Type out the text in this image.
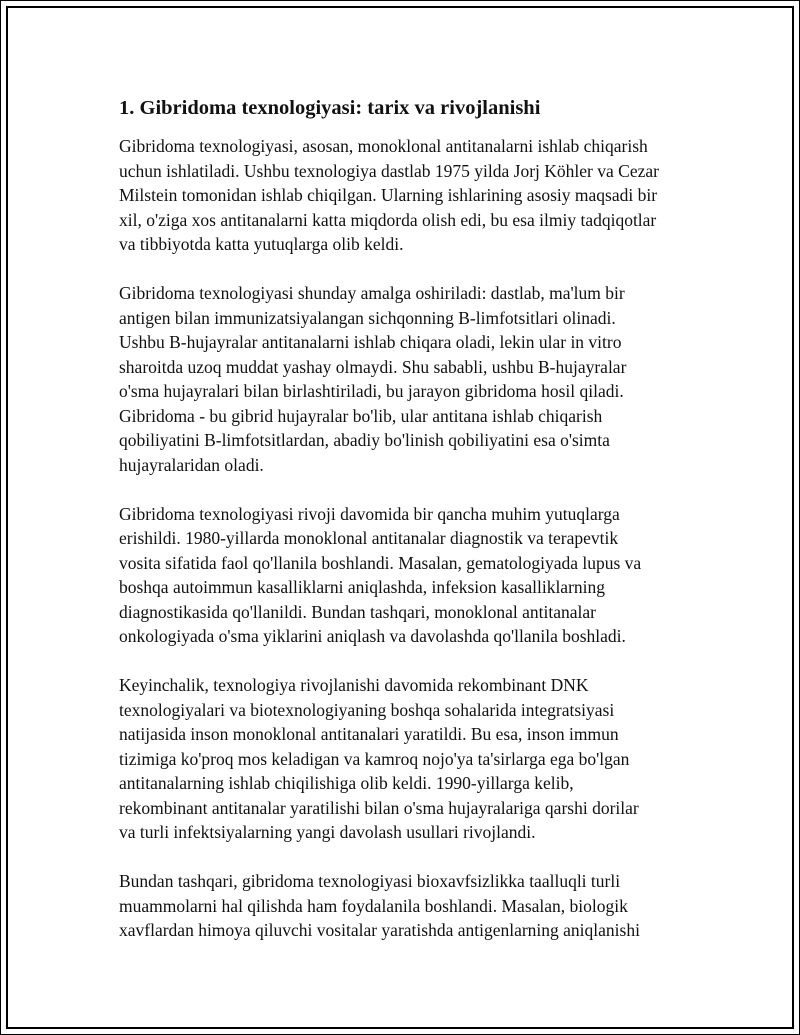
1. Gibridoma texnologiyasi: tarix va rivojlanishi
Gibridoma texnologiyasi, asosan, monoklonal antitanalarni ishlab chiqarish
uchun ishlatiladi. Ushbu texnologiya dastlab 1975 yilda Jorj Köhler va Cezar
Milstein tomonidan ishlab chiqilgan. Ularning ishlarining asosiy maqsadi bir
xil, o'ziga xos antitanalarni katta miqdorda olish edi, bu esa ilmiy tadqiqotlar
va tibbiyotda katta yutuqlarga olib keldi.
Gibridoma texnologiyasi shunday amalga oshiriladi: dastlab, ma'lum bir
antigen bilan immunizatsiyalangan sichqonning B-limfotsitlari olinadi.
Ushbu B-hujayralar antitanalarni ishlab chiqara oladi, lekin ular in vitro
sharoitda uzoq muddat yashay olmaydi. Shu sababli, ushbu B-hujayralar
o'sma hujayralari bilan birlashtiriladi, bu jarayon gibridoma hosil qiladi.
Gibridoma - bu gibrid hujayralar bo'lib, ular antitana ishlab chiqarish
qobiliyatini B-limfotsitlardan, abadiy bo'linish qobiliyatini esa o'simta
hujayralaridan oladi.
Gibridoma texnologiyasi rivoji davomida bir qancha muhim yutuqlarga
erishildi. 1980-yillarda monoklonal antitanalar diagnostik va terapevtik
vosita sifatida faol qo'llanila boshlandi. Masalan, gematologiyada lupus va
boshqa autoimmun kasalliklarni aniqlashda, infeksion kasalliklarning
diagnostikasida qo'llanildi. Bundan tashqari, monoklonal antitanalar
onkologiyada o'sma yiklarini aniqlash va davolashda qo'llanila boshladi.
Keyinchalik, texnologiya rivojlanishi davomida rekombinant DNK
texnologiyalari va biotexnologiyaning boshqa sohalarida integratsiyasi
natijasida inson monoklonal antitanalari yaratildi. Bu esa, inson immun
tizimiga ko'proq mos keladigan va kamroq nojo'ya ta'sirlarga ega bo'lgan
antitanalarning ishlab chiqilishiga olib keldi. 1990-yillarga kelib,
rekombinant antitanalar yaratilishi bilan o'sma hujayralariga qarshi dorilar
va turli infektsiyalarning yangi davolash usullari rivojlandi.
Bundan tashqari, gibridoma texnologiyasi bioxavfsizlikka taalluqli turli
muammolarni hal qilishda ham foydalanila boshlandi. Masalan, biologik
xavflardan himoya qiluvchi vositalar yaratishda antigenlarning aniqlanishi
